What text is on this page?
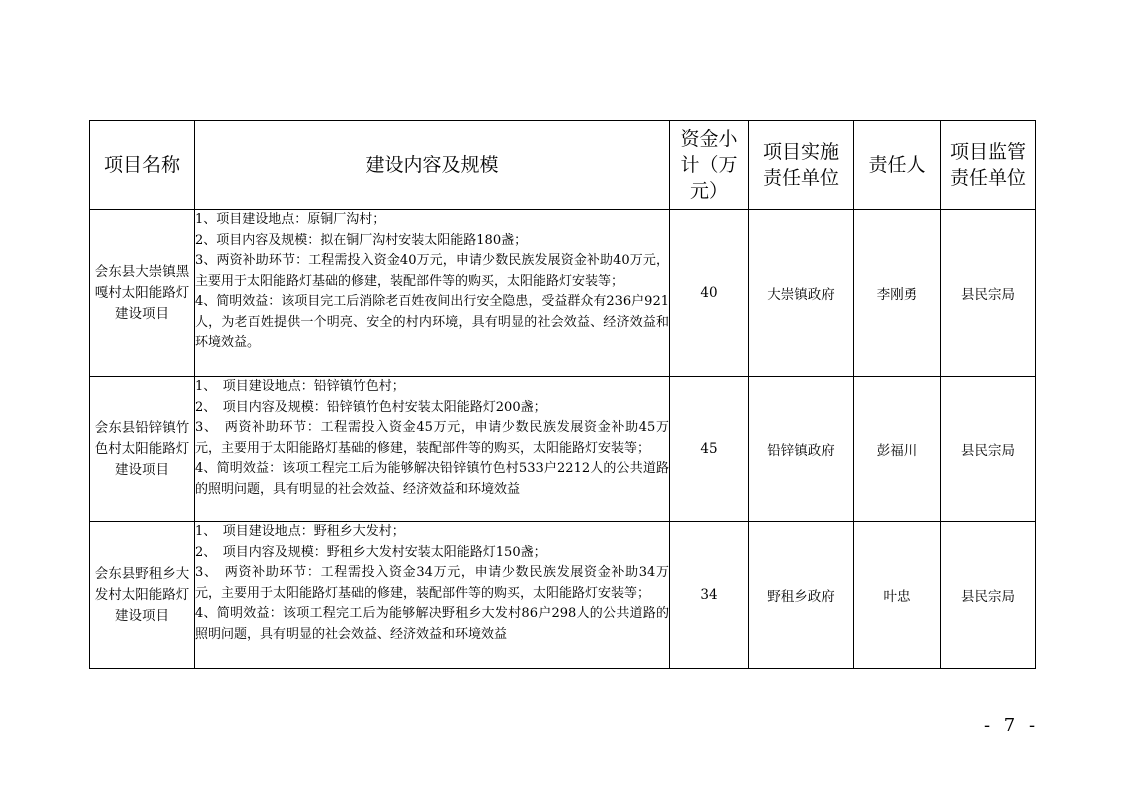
项目名称	建设内容及规模	资金小计（万元）	项目实施责任单位	责任人	项目监管责任单位
会东县大崇镇黑嘎村太阳能路灯建设项目	1、项目建设地点：原铜厂沟村；

2、项目内容及规模：拟在铜厂沟村安装太阳能路180盏；

3、两资补助环节：工程需投入资金40万元，申请少数民族发展资金补助40万元，主要用于太阳能路灯基础的修建，装配部件等的购买，太阳能路灯安装等；

4、简明效益：该项目完工后消除老百姓夜间出行安全隐患，受益群众有236户921人，为老百姓提供一个明亮、安全的村内环境，具有明显的社会效益、经济效益和环境效益。	40	大崇镇政府	李刚勇	县民宗局
会东县铅锌镇竹色村太阳能路灯建设项目	1、　项目建设地点：铅锌镇竹色村；

2、　项目内容及规模：铅锌镇竹色村安装太阳能路灯200盏；

3、　两资补助环节：工程需投入资金45万元，申请少数民族发展资金补助45万元，主要用于太阳能路灯基础的修建，装配部件等的购买，太阳能路灯安装等；

4、简明效益：该项工程完工后为能够解决铅锌镇竹色村533户2212人的公共道路的照明问题，具有明显的社会效益、经济效益和环境效益	45	铅锌镇政府	彭福川	县民宗局
会东县野租乡大发村太阳能路灯建设项目	1、　项目建设地点：野租乡大发村；

2、　项目内容及规模：野租乡大发村安装太阳能路灯150盏；

3、　两资补助环节：工程需投入资金34万元，申请少数民族发展资金补助34万元，主要用于太阳能路灯基础的修建，装配部件等的购买，太阳能路灯安装等；

4、简明效益：该项工程完工后为能够解决野租乡大发村86户298人的公共道路的照明问题，具有明显的社会效益、经济效益和环境效益	34	野租乡政府	叶忠	县民宗局
- 7 -
